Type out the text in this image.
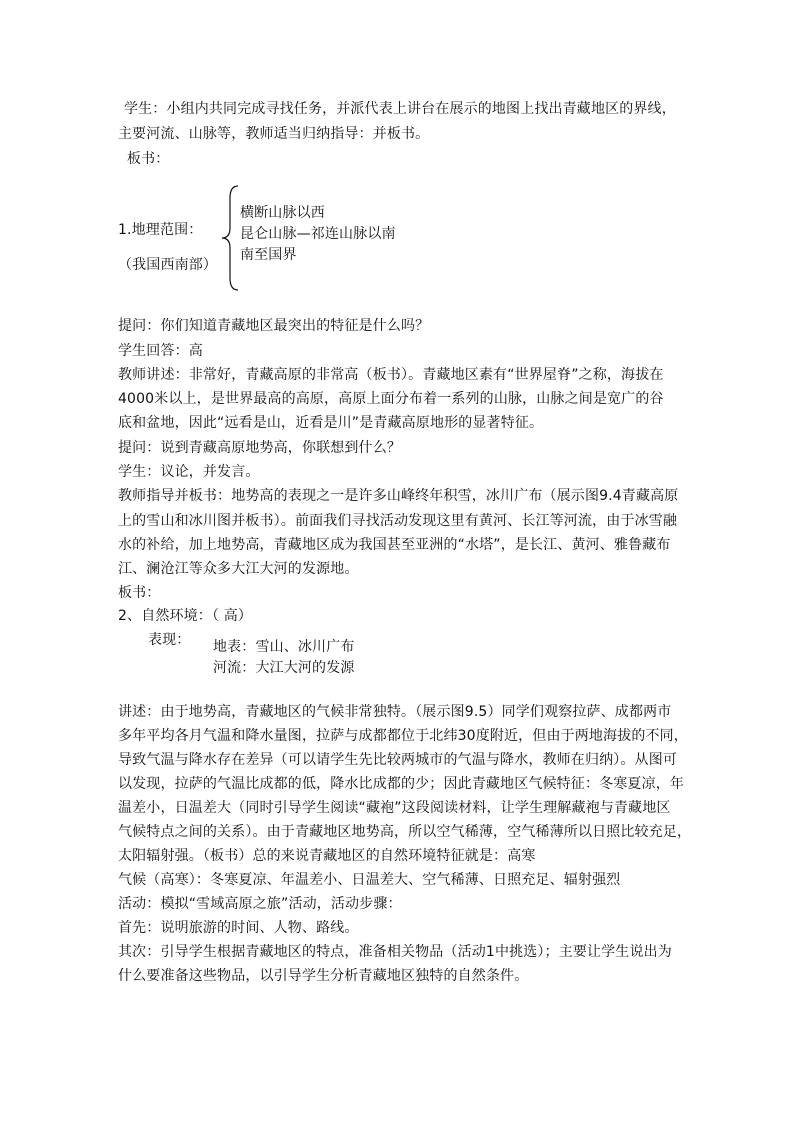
学生：小组内共同完成寻找任务，并派代表上讲台在展示的地图上找出青藏地区的界线，
主要河流、山脉等，教师适当归纳指导：并板书。
板书：
1.地理范围：
（我国西南部）
横断山脉以西
昆仑山脉—祁连山脉以南
南至国界
提问：你们知道青藏地区最突出的特征是什么吗？
学生回答：高
教师讲述：非常好，青藏高原的非常高（板书）。青藏地区素有“世界屋脊”之称，海拔在
4000米以上，是世界最高的高原，高原上面分布着一系列的山脉，山脉之间是宽广的谷
底和盆地，因此“远看是山，近看是川”是青藏高原地形的显著特征。
提问：说到青藏高原地势高，你联想到什么？
学生：议论，并发言。
教师指导并板书：地势高的表现之一是许多山峰终年积雪，冰川广布（展示图9.4青藏高原
上的雪山和冰川图并板书）。前面我们寻找活动发现这里有黄河、长江等河流，由于冰雪融
水的补给，加上地势高，青藏地区成为我国甚至亚洲的“水塔”，是长江、黄河、雅鲁藏布
江、澜沧江等众多大江大河的发源地。
板书：
2、自然环境：（ 高）
表现： 地表：雪山、冰川广布
河流：大江大河的发源
讲述：由于地势高，青藏地区的气候非常独特。（展示图9.5）同学们观察拉萨、成都两市
多年平均各月气温和降水量图，拉萨与成都都位于北纬30度附近，但由于两地海拔的不同，
导致气温与降水存在差异（可以请学生先比较两城市的气温与降水，教师在归纳）。从图可
以发现，拉萨的气温比成都的低，降水比成都的少；因此青藏地区气候特征：冬寒夏凉，年
温差小，日温差大（同时引导学生阅读“藏袍”这段阅读材料，让学生理解藏袍与青藏地区
气候特点之间的关系）。由于青藏地区地势高，所以空气稀薄，空气稀薄所以日照比较充足，
太阳辐射强。（板书）总的来说青藏地区的自然环境特征就是：高寒
气候（高寒）：冬寒夏凉、年温差小、日温差大、空气稀薄、日照充足、辐射强烈
活动：模拟“雪域高原之旅”活动，活动步骤：
首先：说明旅游的时间、人物、路线。
其次：引导学生根据青藏地区的特点，准备相关物品（活动1中挑选）；主要让学生说出为
什么要准备这些物品，以引导学生分析青藏地区独特的自然条件。
